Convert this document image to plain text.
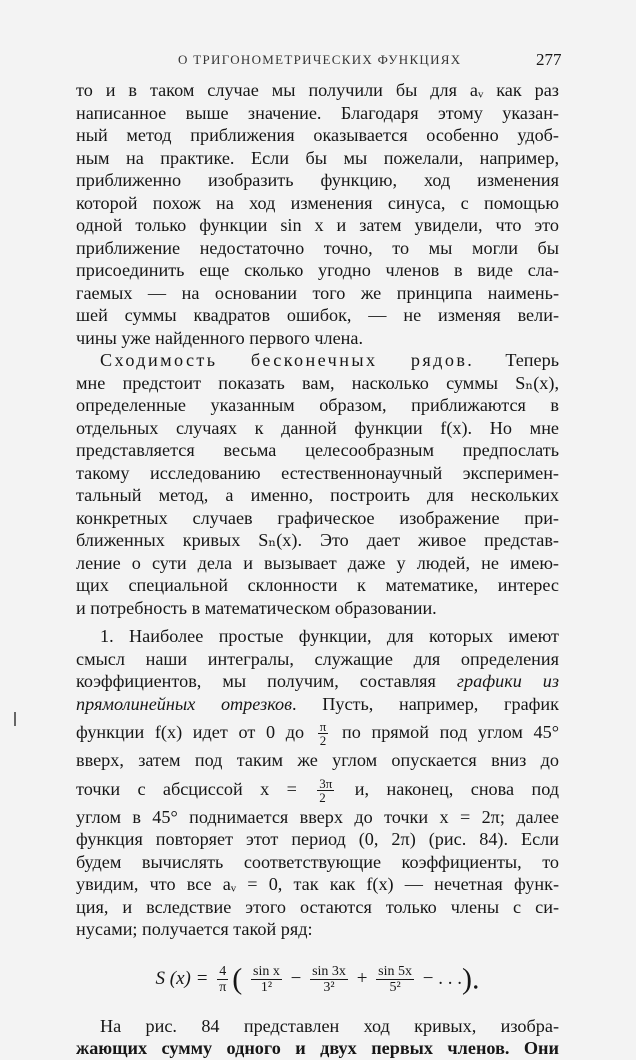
О ТРИГОНОМЕТРИЧЕСКИХ ФУНКЦИЯХ	277
то и в таком случае мы получили бы для aᵥ как раз
написанное выше значение. Благодаря этому указан-
ный метод приближения оказывается особенно удоб-
ным на практике. Если бы мы пожелали, например,
приближенно изобразить функцию, ход изменения
которой похож на ход изменения синуса, с помощью
одной только функции sin x и затем увидели, что это
приближение недостаточно точно, то мы могли бы
присоединить еще сколько угодно членов в виде сла-
гаемых — на основании того же принципа наимень-
шей суммы квадратов ошибок, — не изменяя вели-
чины уже найденного первого члена.
Сходимость бесконечных рядов. Теперь
мне предстоит показать вам, насколько суммы Sₙ(x),
определенные указанным образом, приближаются в
отдельных случаях к данной функции f(x). Но мне
представляется весьма целесообразным предпослать
такому исследованию естественнонаучный эксперимен-
тальный метод, а именно, построить для нескольких
конкретных случаев графическое изображение при-
ближенных кривых Sₙ(x). Это дает живое представ-
ление о сути дела и вызывает даже у людей, не имею-
щих специальной склонности к математике, интерес
и потребность в математическом образовании.
1. Наиболее простые функции, для которых имеют
смысл наши интегралы, служащие для определения
коэффициентов, мы получим, составляя графики из
прямолинейных отрезков. Пусть, например, график
функции f(x) идет от 0 до $\frac{\pi}{2}$ по прямой под углом 45°
вверх, затем под таким же углом опускается вниз до
точки с абсциссой $x = \frac{3\pi}{2} и$, наконец, снова под
углом в 45° поднимается вверх до точки x = 2π; далее
функция повторяет этот период (0, 2π) (рис. 84). Если
будем вычислять соответствующие коэффициенты, то
увидим, что все aᵥ = 0, так как f(x) — нечетная функ-
ция, и вследствие этого остаются только члены с си-
нусами; получается такой ряд:
S $(x) = \frac{4}{\pi}$ ( $\frac{\text{sin x}}{\text{1²}} - \frac{\sin 3x}{\text{3²}} + \frac{\sin 5x}{\text{5²}}$ − . . .).
На рис. 84 представлен ход кривых, изобра-
жающих сумму одного и двух первых членов. Они
